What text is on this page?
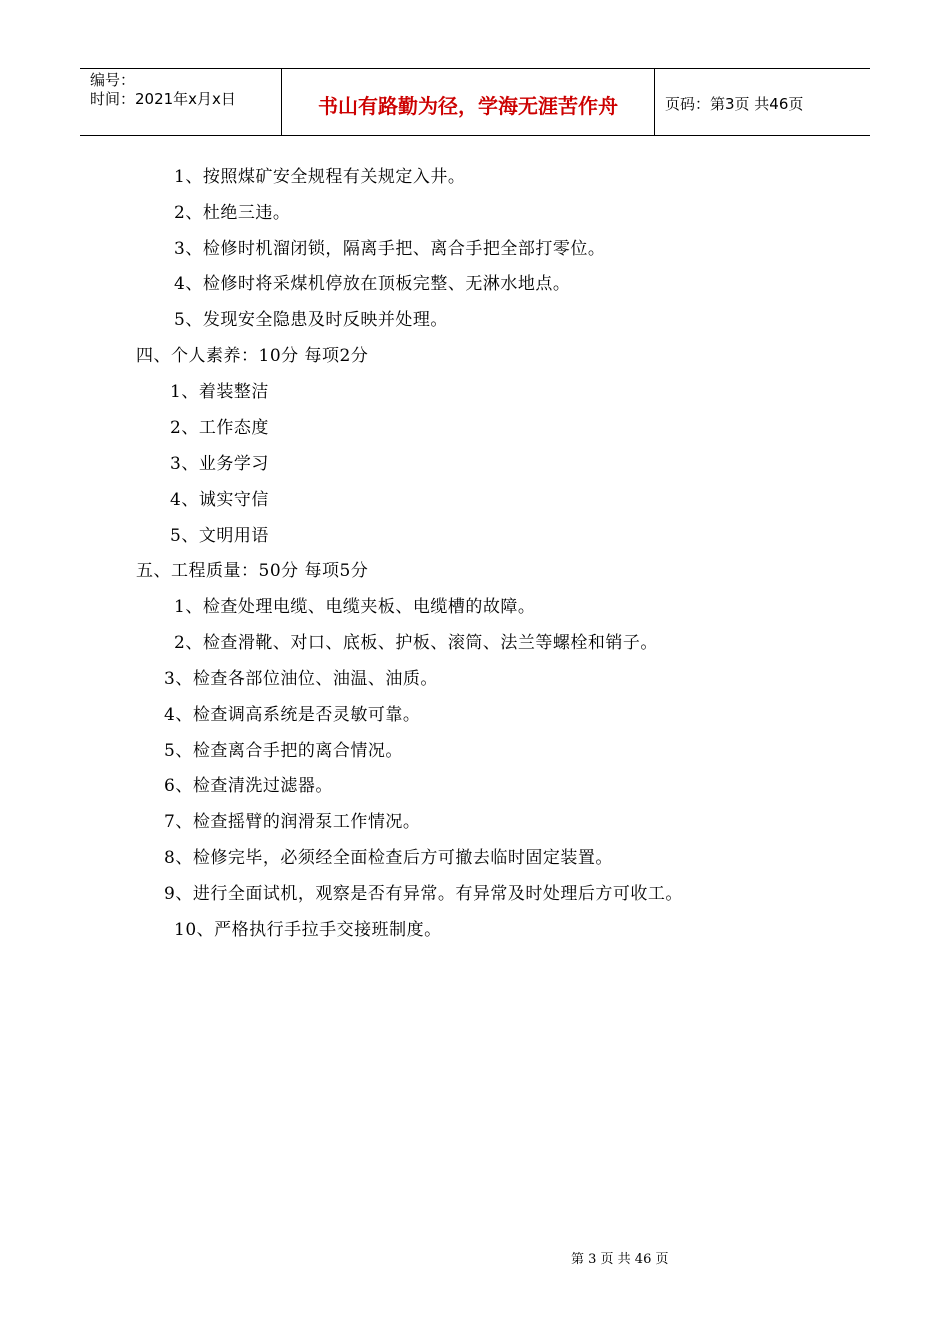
编号：
时间：2021年x月x日	书山有路勤为径，学海无涯苦作舟	页码：第3页 共46页
1、按照煤矿安全规程有关规定入井。
2、杜绝三违。
3、检修时机溜闭锁，隔离手把、离合手把全部打零位。
4、检修时将采煤机停放在顶板完整、无淋水地点。
5、发现安全隐患及时反映并处理。
四、个人素养：10分 每项2分
1、着装整洁
2、工作态度
3、业务学习
4、诚实守信
5、文明用语
五、工程质量：50分 每项5分
1、检查处理电缆、电缆夹板、电缆槽的故障。
2、检查滑靴、对口、底板、护板、滚筒、法兰等螺栓和销子。
3、检查各部位油位、油温、油质。
4、检查调高系统是否灵敏可靠。
5、检查离合手把的离合情况。
6、检查清洗过滤器。
7、检查摇臂的润滑泵工作情况。
8、检修完毕，必须经全面检查后方可撤去临时固定装置。
9、进行全面试机，观察是否有异常。有异常及时处理后方可收工。
10、严格执行手拉手交接班制度。
第 3 页 共 46 页
